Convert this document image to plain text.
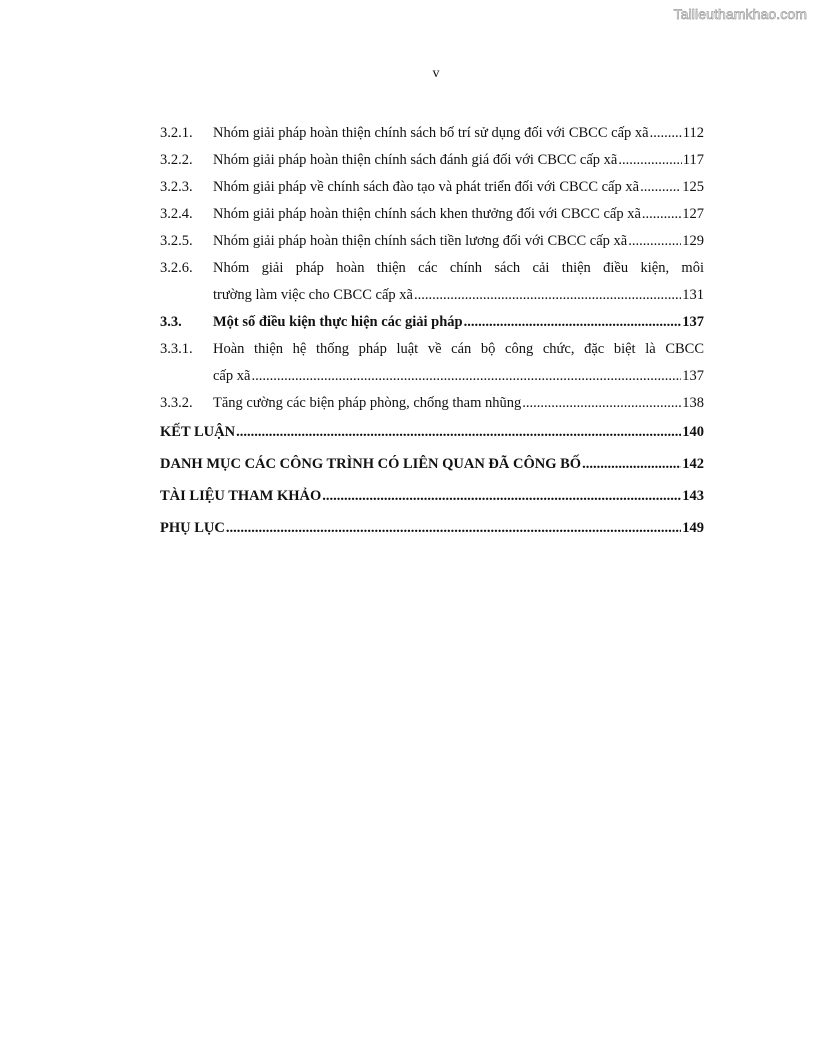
Tailieuthamkhao.com
v
3.2.1.	Nhóm giải pháp hoàn thiện chính sách bố trí sử dụng đối với CBCC cấp xã ..... 112
3.2.2.	Nhóm giải pháp hoàn thiện chính sách đánh giá đối với CBCC cấp xã .....	117
3.2.3.	Nhóm giải pháp về chính sách đào tạo và phát triển đối với CBCC cấp xã .....	125
3.2.4.	Nhóm giải pháp hoàn thiện chính sách khen thưởng đối với CBCC cấp xã .....	127
3.2.5.	Nhóm giải pháp hoàn thiện chính sách tiền lương đối với CBCC cấp xã .....	129
3.2.6.	Nhóm giải pháp hoàn thiện các chính sách cải thiện điều kiện, môi
trường làm việc cho CBCC cấp xã .....	131
3.3.	Một số điều kiện thực hiện các giải pháp .....	137
3.3.1.	Hoàn thiện hệ thống pháp luật về cán bộ công chức, đặc biệt là CBCC
cấp xã .....	137
3.3.2.	Tăng cường các biện pháp phòng, chống tham nhũng .....	138
KẾT LUẬN .....	140
DANH MỤC CÁC CÔNG TRÌNH CÓ LIÊN QUAN ĐÃ CÔNG BỐ .....	142
TÀI LIỆU THAM KHẢO .....	143
PHỤ LỤC .....	149
